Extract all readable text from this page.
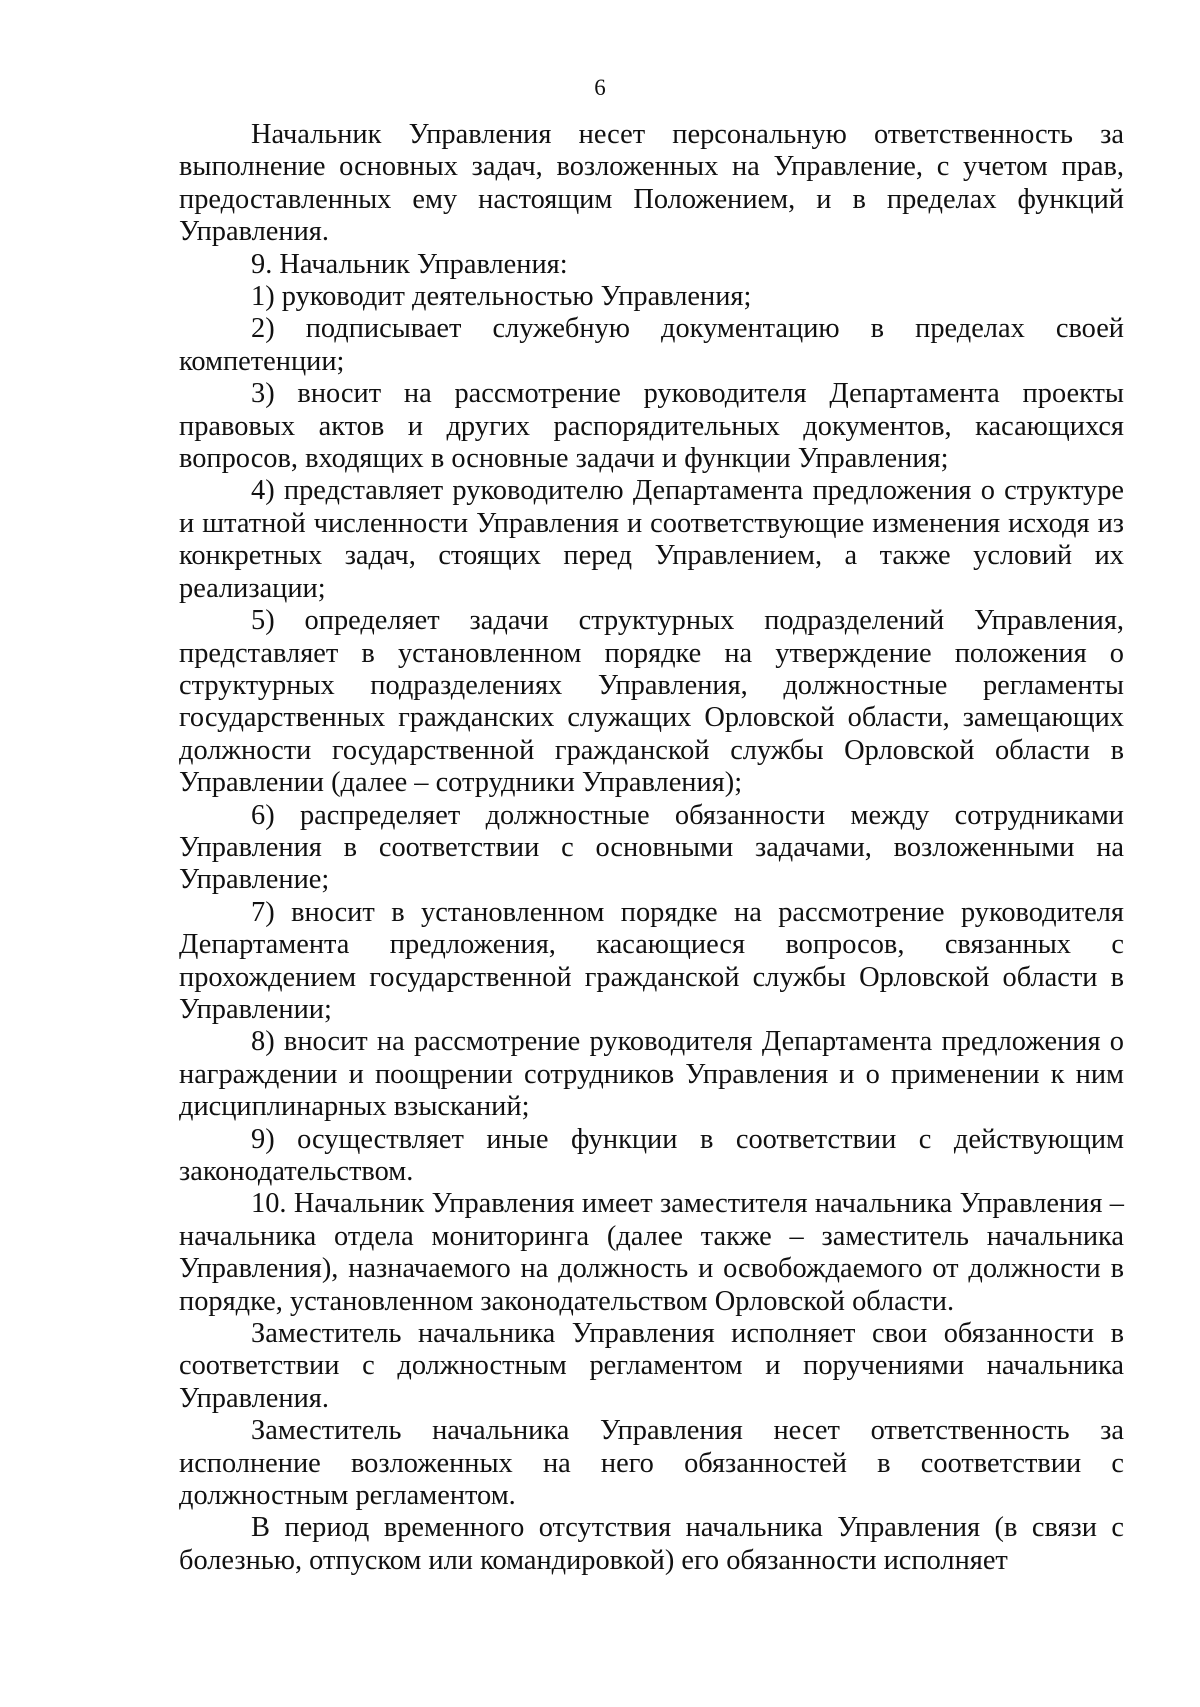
6

Начальник Управления несет персональную ответственность за выполнение основных задач, возложенных на Управление, с учетом прав, предоставленных ему настоящим Положением, и в пределах функций Управления.

9. Начальник Управления:

1) руководит деятельностью Управления;

2) подписывает служебную документацию в пределах своей компетенции;

3) вносит на рассмотрение руководителя Департамента проекты правовых актов и других распорядительных документов, касающихся вопросов, входящих в основные задачи и функции Управления;

4) представляет руководителю Департамента предложения о структуре и штатной численности Управления и соответствующие изменения исходя из конкретных задач, стоящих перед Управлением, а также условий их реализации;

5) определяет задачи структурных подразделений Управления, представляет в установленном порядке на утверждение положения о структурных подразделениях Управления, должностные регламенты государственных гражданских служащих Орловской области, замещающих должности государственной гражданской службы Орловской области в Управлении (далее – сотрудники Управления);

6) распределяет должностные обязанности между сотрудниками Управления в соответствии с основными задачами, возложенными на Управление;

7) вносит в установленном порядке на рассмотрение руководителя Департамента предложения, касающиеся вопросов, связанных с прохождением государственной гражданской службы Орловской области в Управлении;

8) вносит на рассмотрение руководителя Департамента предложения о награждении и поощрении сотрудников Управления и о применении к ним дисциплинарных взысканий;

9) осуществляет иные функции в соответствии с действующим законодательством.

10. Начальник Управления имеет заместителя начальника Управления – начальника отдела мониторинга (далее также – заместитель начальника Управления), назначаемого на должность и освобождаемого от должности в порядке, установленном законодательством Орловской области.

Заместитель начальника Управления исполняет свои обязанности в соответствии с должностным регламентом и поручениями начальника Управления.

Заместитель начальника Управления несет ответственность за исполнение возложенных на него обязанностей в соответствии с должностным регламентом.

В период временного отсутствия начальника Управления (в связи с болезнью, отпуском или командировкой) его обязанности исполняет
